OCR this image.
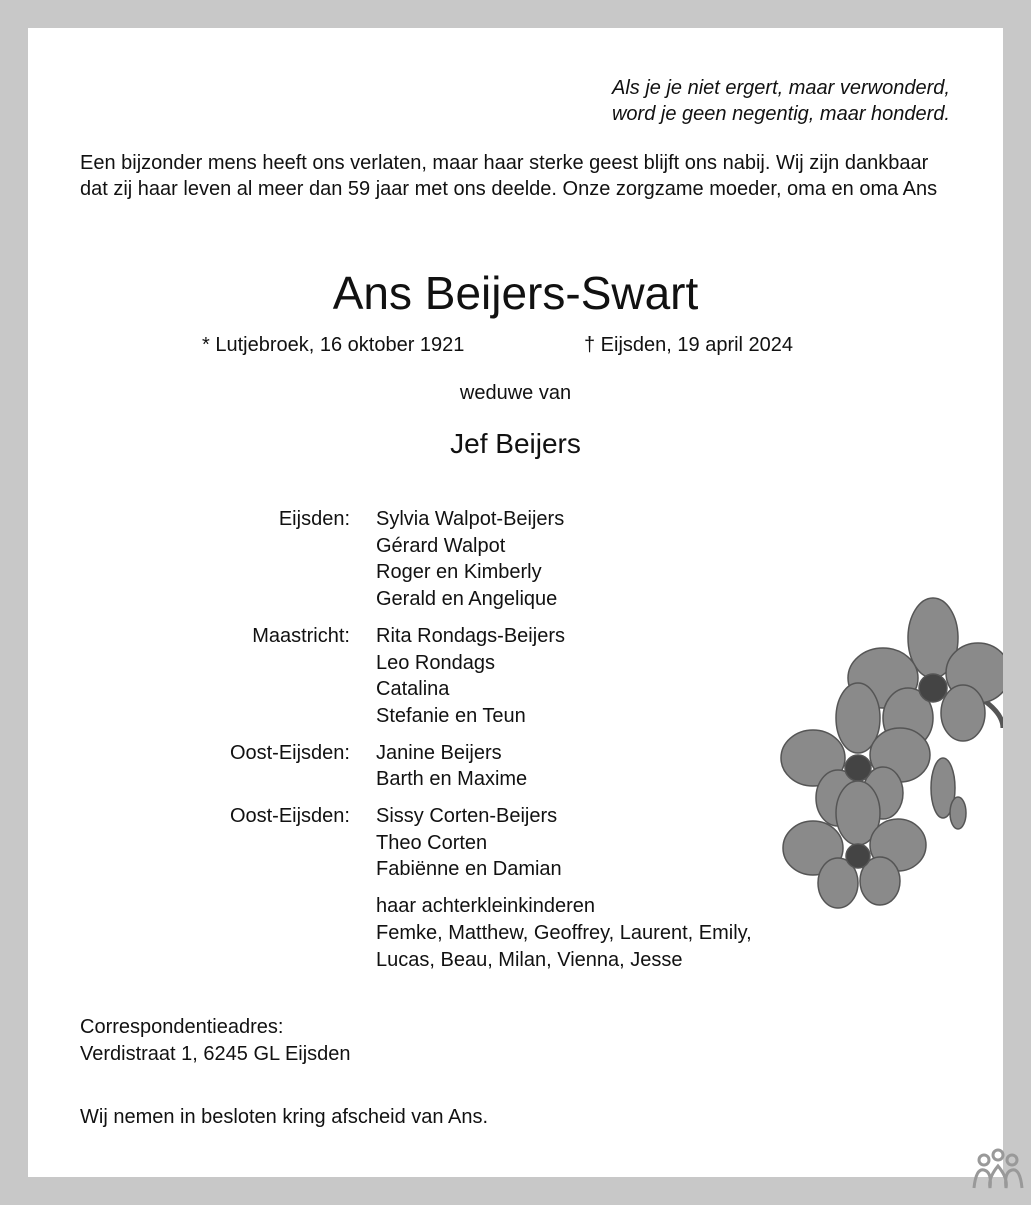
Als je je niet ergert, maar verwonderd,
word je geen negentig, maar honderd.
Een bijzonder mens heeft ons verlaten, maar haar sterke geest blijft ons nabij. Wij zijn dankbaar dat zij haar leven al meer dan 59 jaar met ons deelde. Onze zorgzame moeder, oma en oma Ans
Ans Beijers-Swart
* Lutjebroek, 16 oktober 1921	† Eijsden, 19 april 2024
weduwe van
Jef Beijers
Eijsden:	Sylvia Walpot-Beijers
Gérard Walpot
Roger en Kimberly
Gerald en Angelique
Maastricht:	Rita Rondags-Beijers
Leo Rondags
Catalina
Stefanie en Teun
Oost-Eijsden:	Janine Beijers
Barth en Maxime
Oost-Eijsden:	Sissy Corten-Beijers
Theo Corten
Fabiënne en Damian
haar achterkleinkinderen
Femke, Matthew, Geoffrey, Laurent, Emily,
Lucas, Beau, Milan, Vienna, Jesse
Correspondentieadres:
Verdistraat 1, 6245 GL Eijsden
Wij nemen in besloten kring afscheid van Ans.
